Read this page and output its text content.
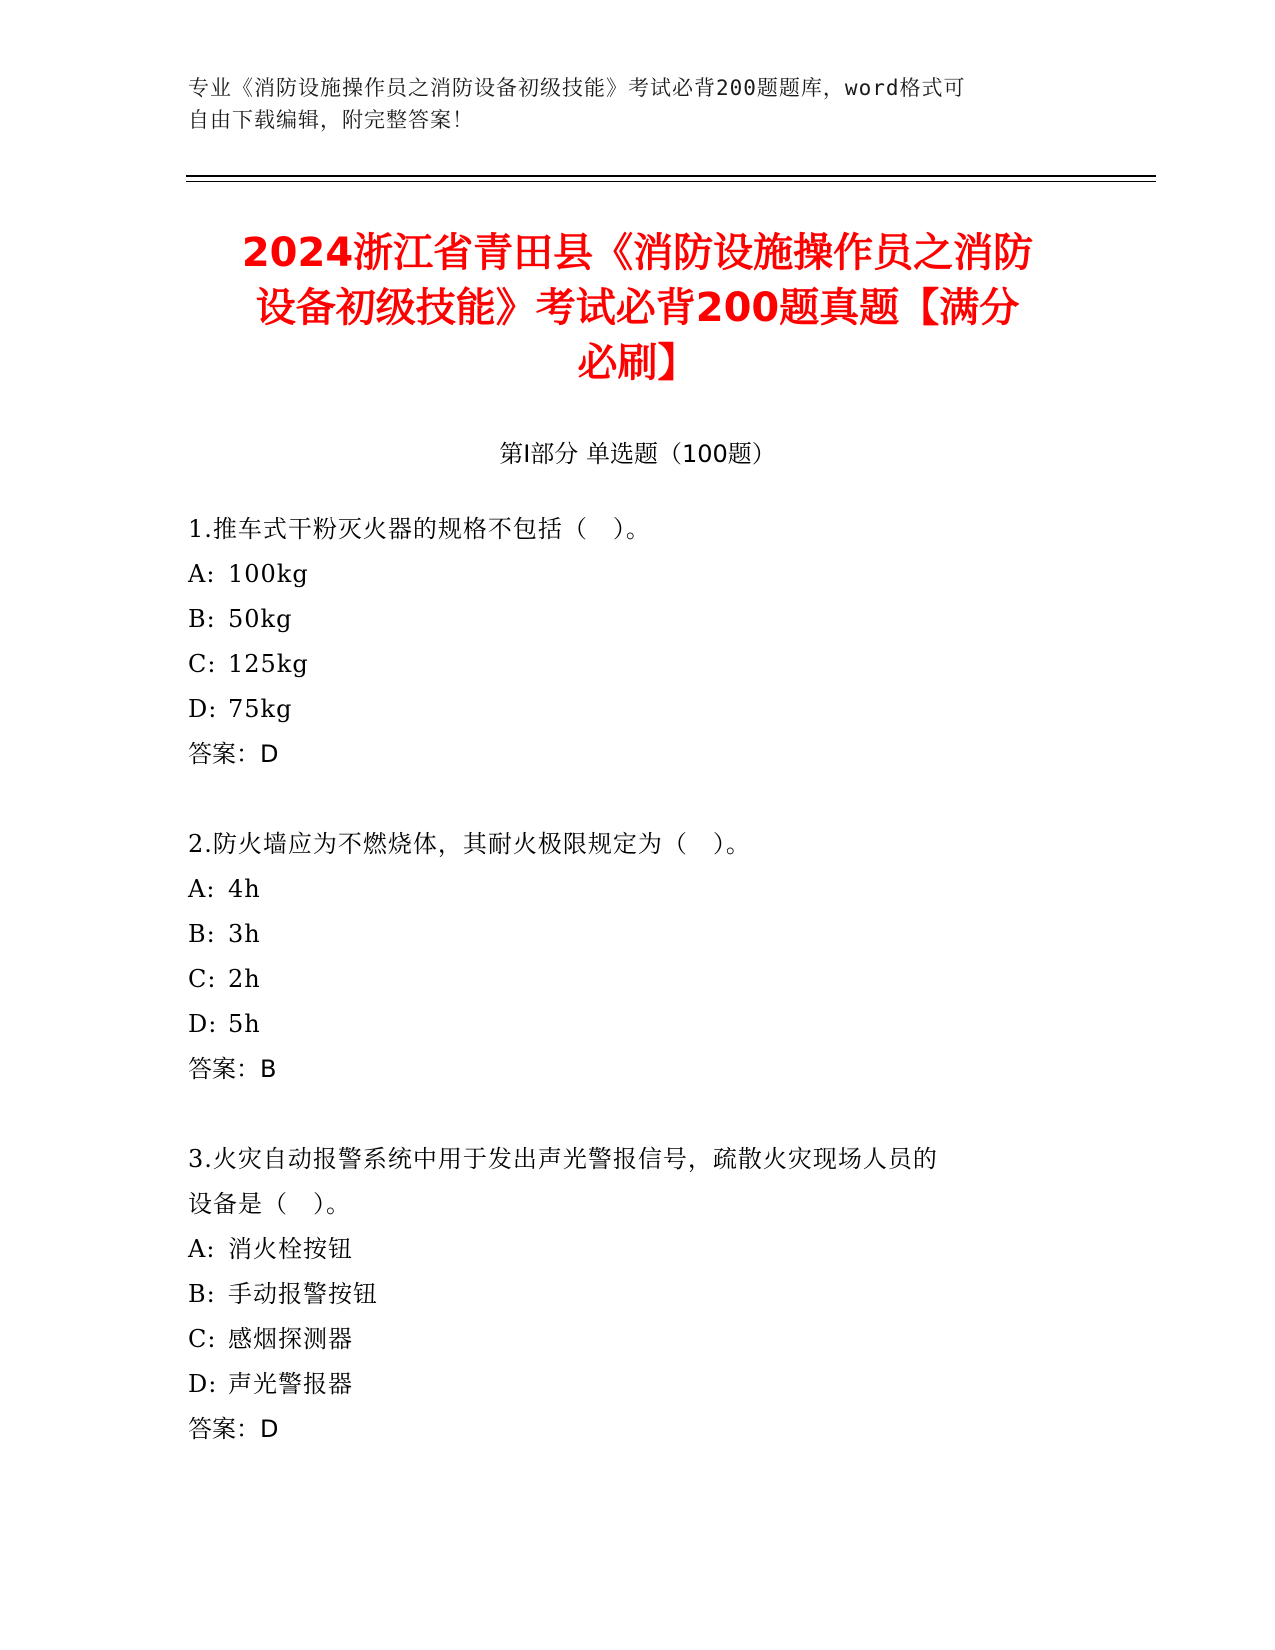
专业《消防设施操作员之消防设备初级技能》考试必背200题题库，word格式可
自由下载编辑，附完整答案！
2024浙江省青田县《消防设施操作员之消防
设备初级技能》考试必背200题真题【满分
必刷】
第I部分 单选题（100题）
1.推车式干粉灭火器的规格不包括（　）。
A: 100kg
B: 50kg
C: 125kg
D: 75kg
答案：D
2.防火墙应为不燃烧体，其耐火极限规定为（　）。
A: 4h
B: 3h
C: 2h
D: 5h
答案：B
3.火灾自动报警系统中用于发出声光警报信号，疏散火灾现场人员的
设备是（　）。
A: 消火栓按钮
B: 手动报警按钮
C: 感烟探测器
D: 声光警报器
答案：D
